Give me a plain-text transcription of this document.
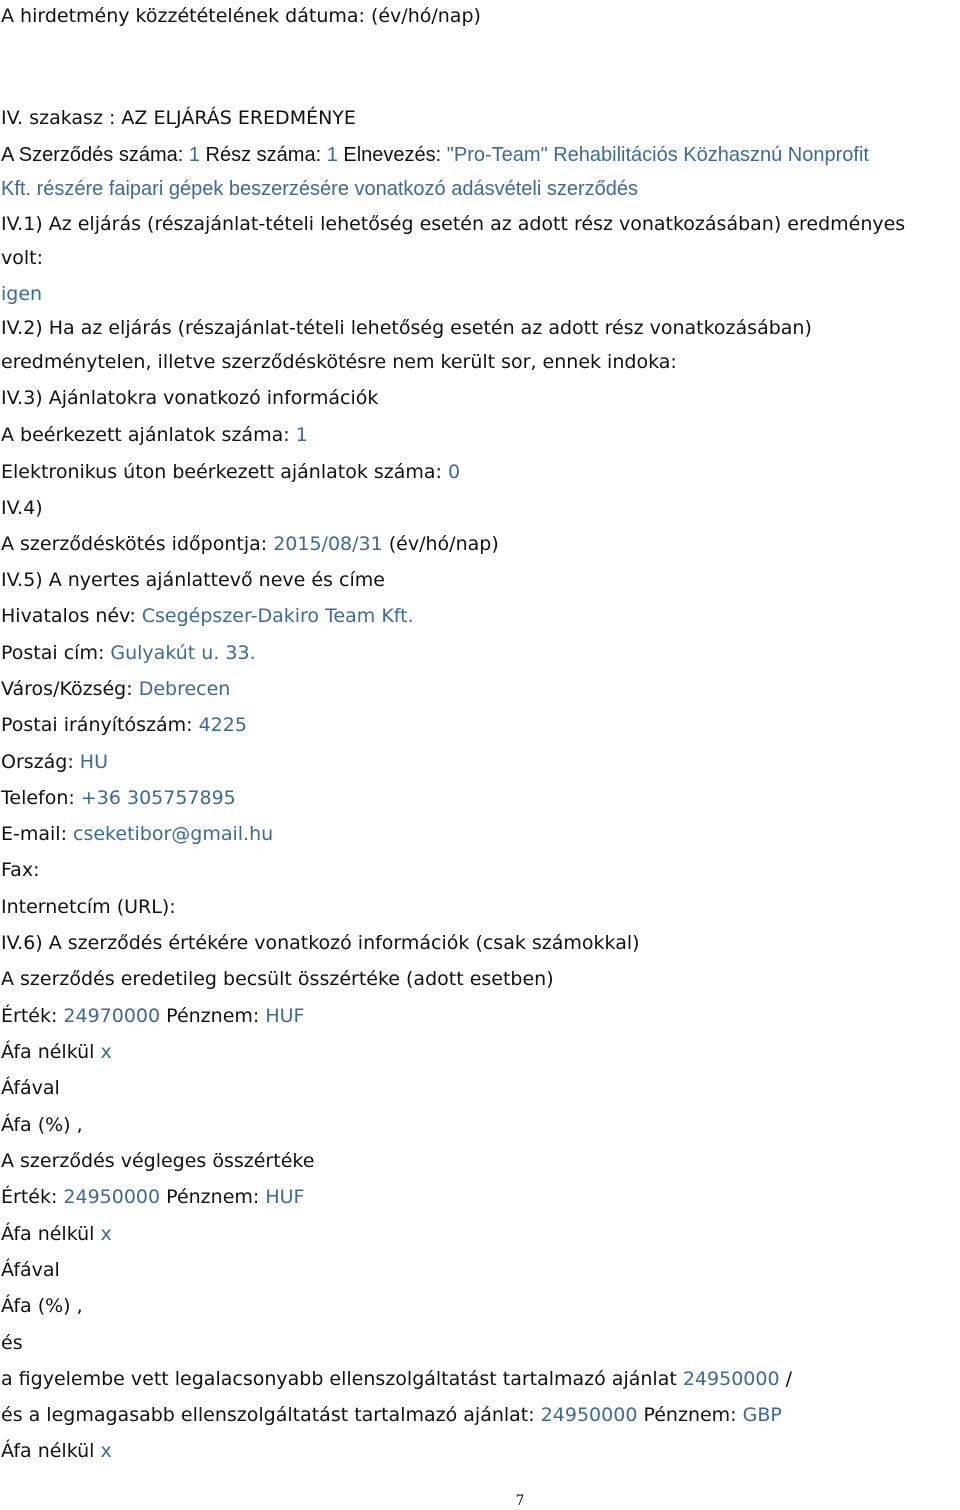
A hirdetmény közzétételének dátuma: (év/hó/nap)
IV. szakasz : AZ ELJÁRÁS EREDMÉNYE
A Szerződés száma: 1 Rész száma: 1 Elnevezés: "Pro-Team" Rehabilitációs Közhasznú Nonprofit
Kft. részére faipari gépek beszerzésére vonatkozó adásvételi szerződés
IV.1) Az eljárás (részajánlat-tételi lehetőség esetén az adott rész vonatkozásában) eredményes
volt:
igen
IV.2) Ha az eljárás (részajánlat-tételi lehetőség esetén az adott rész vonatkozásában)
eredménytelen, illetve szerződéskötésre nem került sor, ennek indoka:
IV.3) Ajánlatokra vonatkozó információk
A beérkezett ajánlatok száma: 1
Elektronikus úton beérkezett ajánlatok száma: 0
IV.4)
A szerződéskötés időpontja: 2015/08/31 (év/hó/nap)
IV.5) A nyertes ajánlattevő neve és címe
Hivatalos név: Csegépszer-Dakiro Team Kft.
Postai cím: Gulyakút u. 33.
Város/Község: Debrecen
Postai irányítószám: 4225
Ország: HU
Telefon: +36 305757895
E-mail: cseketibor@gmail.hu
Fax:
Internetcím (URL):
IV.6) A szerződés értékére vonatkozó információk (csak számokkal)
A szerződés eredetileg becsült összértéke (adott esetben)
Érték: 24970000 Pénznem: HUF
Áfa nélkül x
Áfával
Áfa (%) ,
A szerződés végleges összértéke
Érték: 24950000 Pénznem: HUF
Áfa nélkül x
Áfával
Áfa (%) ,
és
a figyelembe vett legalacsonyabb ellenszolgáltatást tartalmazó ajánlat 24950000 /
és a legmagasabb ellenszolgáltatást tartalmazó ajánlat: 24950000 Pénznem: GBP
Áfa nélkül x
7
